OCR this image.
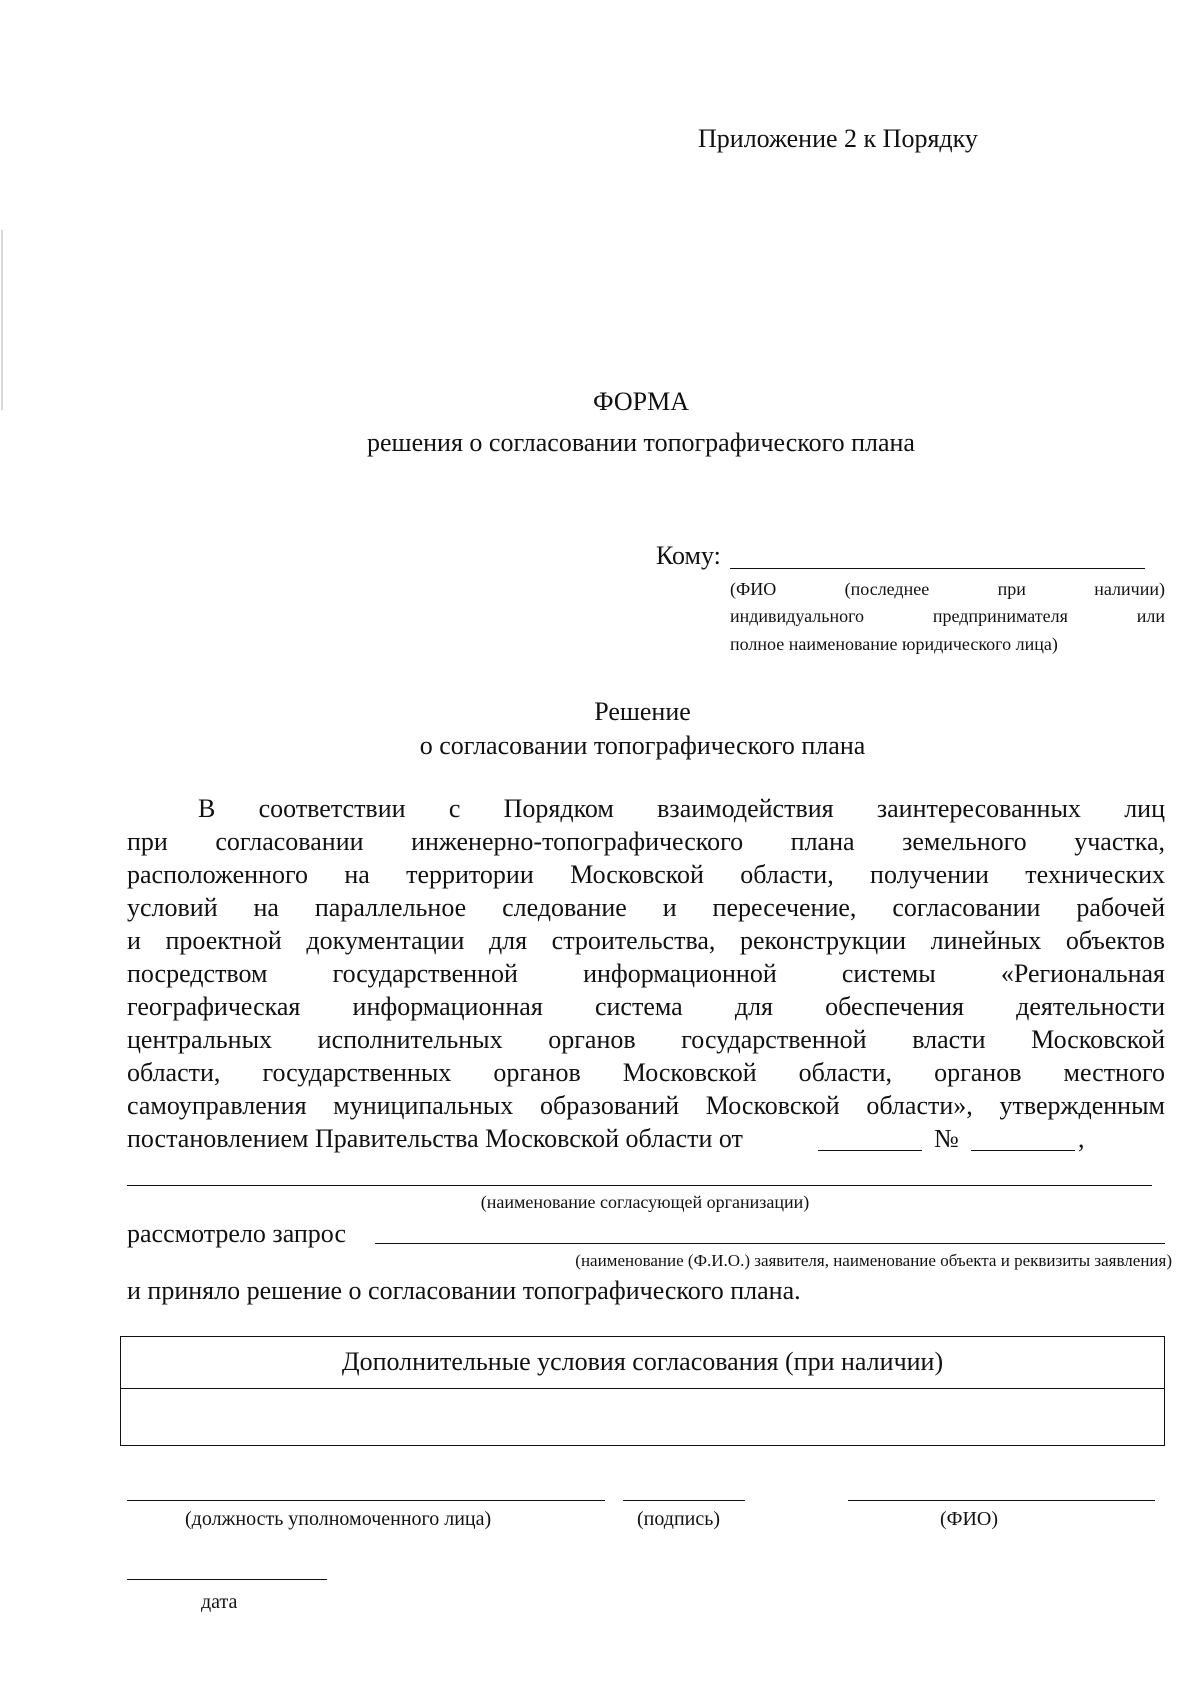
Приложение 2 к Порядку
ФОРМА
решения о согласовании топографического плана
Кому:
(ФИО	(последнее	при	наличии)
индивидуального	предпринимателя	или
полное наименование юридического лица)
Решение
о согласовании топографического плана
В соответствии с Порядком взаимодействия заинтересованных лиц
при согласовании инженерно-топографического плана земельного участка,
расположенного на территории Московской области, получении технических
условий на параллельное следование и пересечение, согласовании рабочей
и проектной документации для строительства, реконструкции линейных объектов
посредством государственной информационной системы «Региональная
географическая информационная система для обеспечения деятельности
центральных исполнительных органов государственной власти Московской
области, государственных органов Московской области, органов местного
самоуправления муниципальных образований Московской области», утвержденным
постановлением Правительства Московской области от	№	,
(наименование согласующей организации)
рассмотрело запрос
(наименование (Ф.И.О.) заявителя, наименование объекта и реквизиты заявления)
и приняло решение о согласовании топографического плана.
Дополнительные условия согласования (при наличии)
(должность уполномоченного лица)	(подпись)	(ФИО)
дата
